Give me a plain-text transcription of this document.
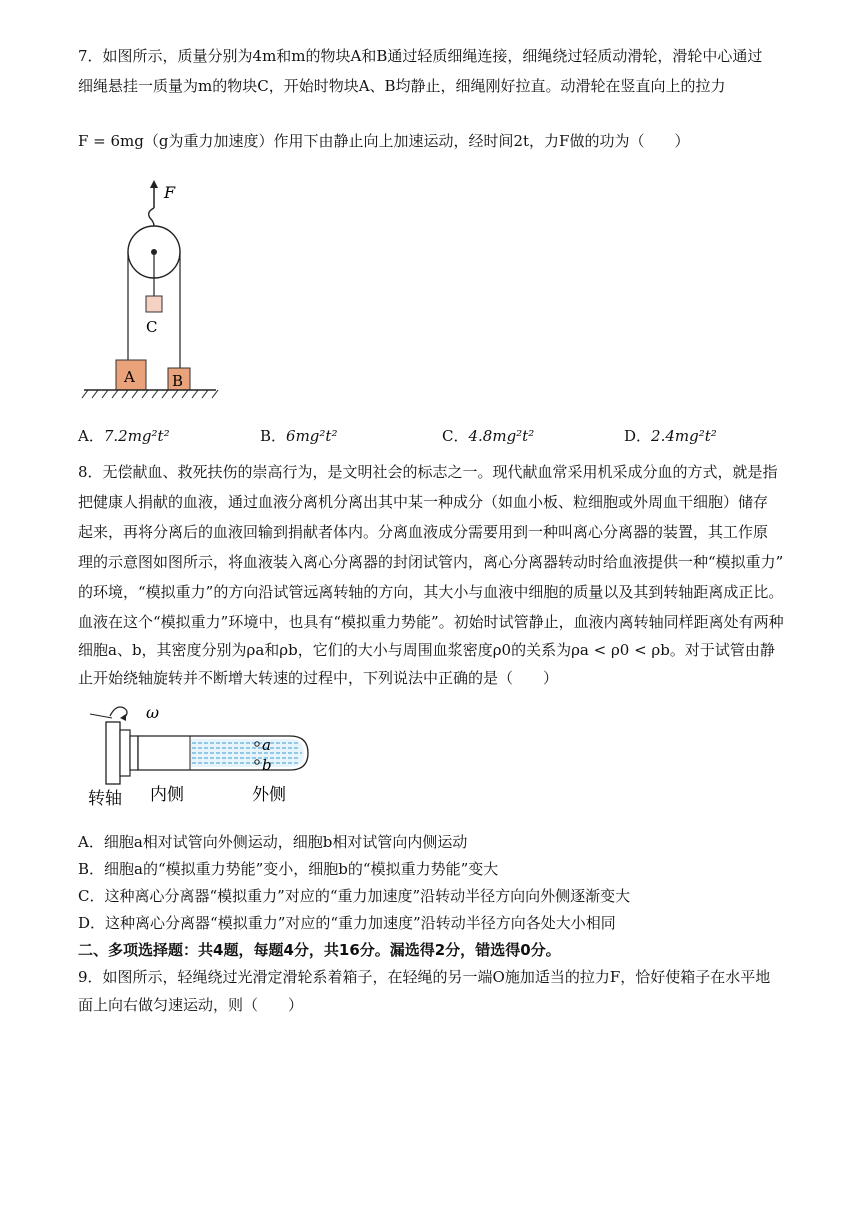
7．如图所示，质量分别为4m和m的物块A和B通过轻质细绳连接，细绳绕过轻质动滑轮，滑轮中心通过
细绳悬挂一质量为m的物块C，开始时物块A、B均静止，细绳刚好拉直。动滑轮在竖直向上的拉力
F = 6mg（g为重力加速度）作用下由静止向上加速运动，经时间2t，力F做的功为（　　）
F
C
A B
A．7.2mg²t²	B．6mg²t²	C．4.8mg²t²	D．2.4mg²t²
8．无偿献血、救死扶伤的崇高行为，是文明社会的标志之一。现代献血常采用机采成分血的方式，就是指
把健康人捐献的血液，通过血液分离机分离出其中某一种成分（如血小板、粒细胞或外周血干细胞）储存
起来，再将分离后的血液回输到捐献者体内。分离血液成分需要用到一种叫离心分离器的装置，其工作原
理的示意图如图所示，将血液装入离心分离器的封闭试管内，离心分离器转动时给血液提供一种“模拟重力”
的环境，“模拟重力”的方向沿试管远离转轴的方向，其大小与血液中细胞的质量以及其到转轴距离成正比。
血液在这个“模拟重力”环境中，也具有“模拟重力势能”。初始时试管静止，血液内离转轴同样距离处有两种
细胞a、b，其密度分别为ρa和ρb，它们的大小与周围血浆密度ρ0的关系为ρa < ρ0 < ρb。对于试管由静
止开始绕轴旋转并不断增大转速的过程中，下列说法中正确的是（　　）
ω
a
b
转轴 内侧	外侧
A．细胞a相对试管向外侧运动，细胞b相对试管向内侧运动
B．细胞a的“模拟重力势能”变小，细胞b的“模拟重力势能”变大
C．这种离心分离器“模拟重力”对应的“重力加速度”沿转动半径方向向外侧逐渐变大
D．这种离心分离器“模拟重力”对应的“重力加速度”沿转动半径方向各处大小相同
二、多项选择题：共4题，每题4分，共16分。漏选得2分，错选得0分。
9．如图所示，轻绳绕过光滑定滑轮系着箱子，在轻绳的另一端O施加适当的拉力F，恰好使箱子在水平地
面上向右做匀速运动，则（　　）
